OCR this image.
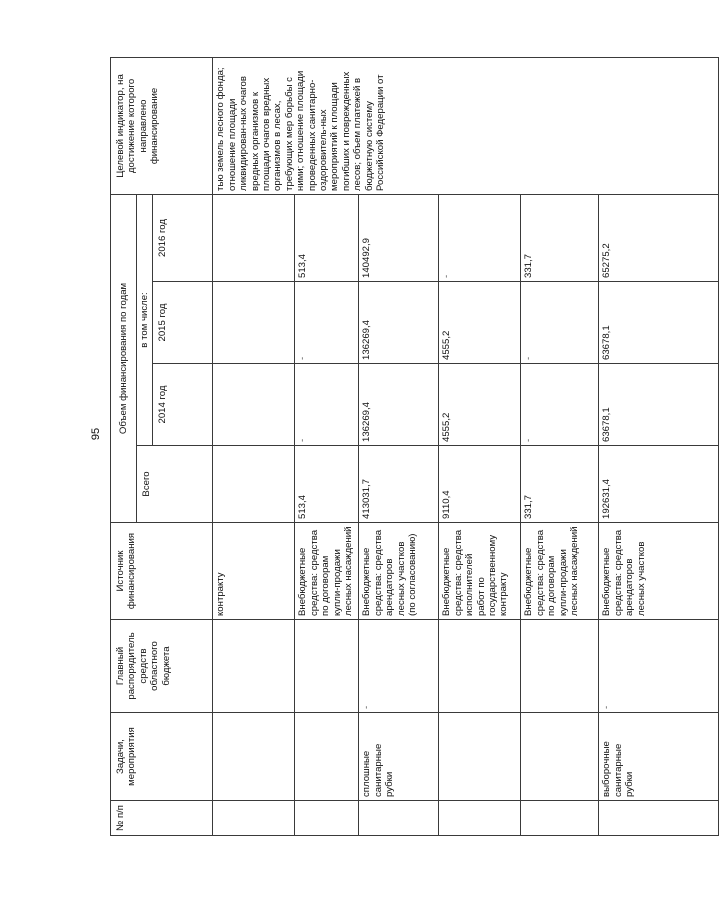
95
№ п/п	Задачи, мероприятия	Главный распорядитель средств областного бюджета	Источник финансирования	Объем финансирования по годам				Целевой индикатор, на достижение которого направлено финансирование
				Всего	в том числе:			
					2014 год	2015 год	2016 год	
			контракту					тью земель лесного фонда; отношение площади ликвидирован-ных очагов вредных организмов к площади очагов вредных организмов в лесах, требующих мер борьбы с ними; отношение площади проведенных санитарно-оздоровитель-ных мероприятий к площади погибших и поврежденных лесов; объем платежей в бюджетную систему Российской Федерации от
			Внебюджетные средства: средства по договорам купли-продажи лесных насаждений	513,4	-	-	513,4	
	сплошные санитарные рубки	-	Внебюджетные средства: средства арендаторов лесных участков (по согласованию)	413031,7	136269,4	136269,4	140492,9	
			Внебюджетные средства: средства исполнителей работ по государственному контракту	9110,4	4555,2	4555,2	-	
			Внебюджетные средства: средства по договорам купли-продажи лесных насаждений	331,7	-	-	331,7	
	выборочные санитарные рубки	-	Внебюджетные средства: средства арендаторов лесных участков	192631,4	63678,1	63678,1	65275,2	
